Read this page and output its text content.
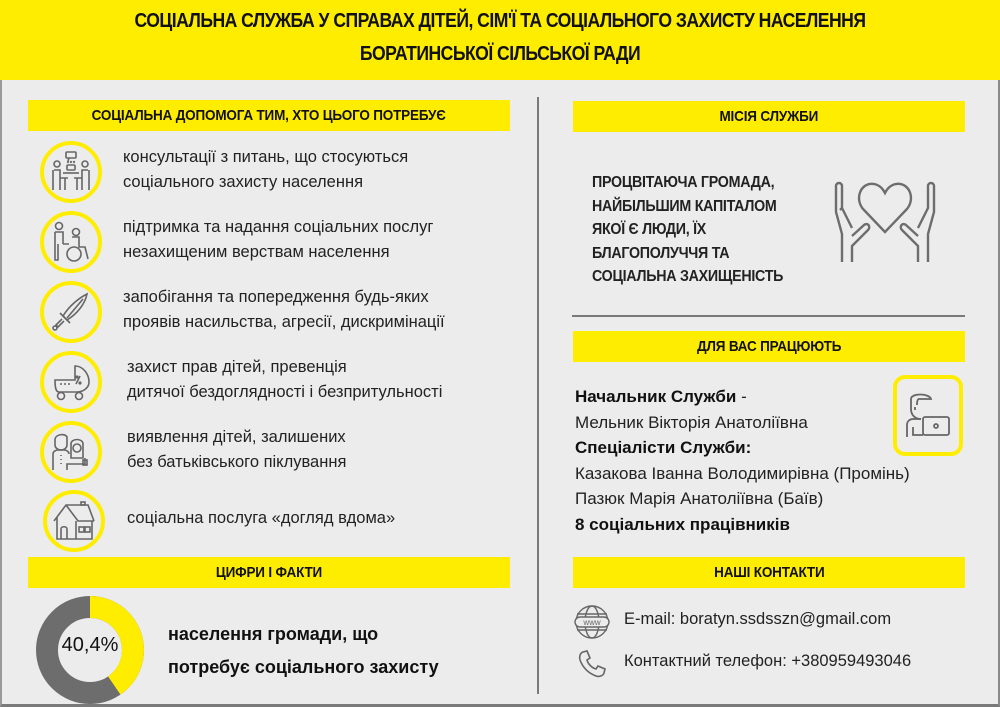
СОЦІАЛЬНА СЛУЖБА У СПРАВАХ ДІТЕЙ, СІМ'Ї ТА СОЦІАЛЬНОГО ЗАХИСТУ НАСЕЛЕННЯ
БОРАТИНСЬКОЇ СІЛЬСЬКОЇ РАДИ
СОЦІАЛЬНА ДОПОМОГА ТИМ, ХТО ЦЬОГО ПОТРЕБУЄ
консультації з питань, що стосуються
соціального захисту населення
підтримка та надання соціальних послуг
незахищеним верствам населення
запобігання та попередження будь-яких
проявів насильства, агресії, дискримінації
захист прав дітей, превенція
дитячої бездоглядності і безпритульності
виявлення дітей, залишених
без батьківського піклування
соціальна послуга «догляд вдома»
ЦИФРИ І ФАКТИ
40,4%	населення громади, що
потребує соціального захисту
МІСІЯ СЛУЖБИ
ПРОЦВІТАЮЧА ГРОМАДА,
НАЙБІЛЬШИМ КАПІТАЛОМ
ЯКОЇ Є ЛЮДИ, ЇХ
БЛАГОПОЛУЧЧЯ ТА
СОЦІАЛЬНА ЗАХИЩЕНІСТЬ
ДЛЯ ВАС ПРАЦЮЮТЬ
Начальник Служби -
Мельник Вікторія Анатоліївна
Спеціалісти Служби:
Казакова Іванна Володимирівна (Промінь)
Пазюк Марія Анатоліївна (Баїв)
8 соціальних працівників
НАШІ КОНТАКТИ
www E-mail: boratyn.ssdsszn@gmail.com
Контактний телефон: +380959493046
